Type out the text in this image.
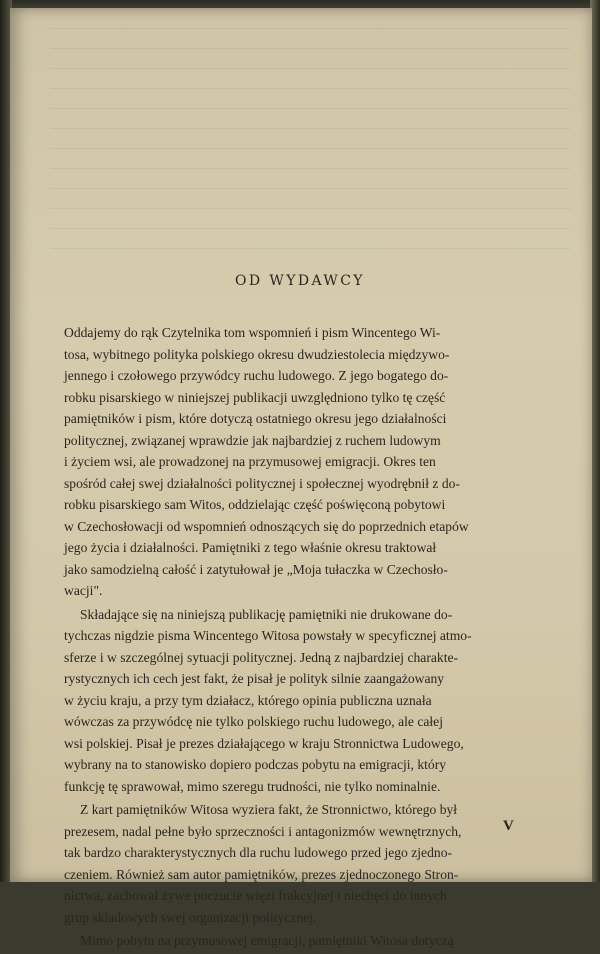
OD WYDAWCY

Oddajemy do rąk Czytelnika tom wspomnień i pism Wincentego Wi-
tosa, wybitnego polityka polskiego okresu dwudziestolecia międzywo-
jennego i czołowego przywódcy ruchu ludowego. Z jego bogatego do-
robku pisarskiego w niniejszej publikacji uwzględniono tylko tę część
pamiętników i pism, które dotyczą ostatniego okresu jego działalności
politycznej, związanej wprawdzie jak najbardziej z ruchem ludowym
i życiem wsi, ale prowadzonej na przymusowej emigracji. Okres ten
spośród całej swej działalności politycznej i społecznej wyodrębnił z do-
robku pisarskiego sam Witos, oddzielając część poświęconą pobytowi
w Czechosłowacji od wspomnień odnoszących się do poprzednich etapów
jego życia i działalności. Pamiętniki z tego właśnie okresu traktował
jako samodzielną całość i zatytułował je „Moja tułaczka w Czechosło-
wacji".

Składające się na niniejszą publikację pamiętniki nie drukowane do-
tychczas nigdzie pisma Wincentego Witosa powstały w specyficznej atmo-
sferze i w szczególnej sytuacji politycznej. Jedną z najbardziej charakte-
rystycznych ich cech jest fakt, że pisał je polityk silnie zaangażowany
w życiu kraju, a przy tym działacz, którego opinia publiczna uznała
wówczas za przywódcę nie tylko polskiego ruchu ludowego, ale całej
wsi polskiej. Pisał je prezes działającego w kraju Stronnictwa Ludowego,
wybrany na to stanowisko dopiero podczas pobytu na emigracji, który
funkcję tę sprawował, mimo szeregu trudności, nie tylko nominalnie.

Z kart pamiętników Witosa wyziera fakt, że Stronnictwo, którego był
prezesem, nadal pełne było sprzeczności i antagonizmów wewnętrznych,
tak bardzo charakterystycznych dla ruchu ludowego przed jego zjedno-
czeniem. Również sam autor pamiętników, prezes zjednoczonego Stron-
nictwa, zachował żywe poczucie więzi frakcyjnej i niechęci do innych
grup składowych swej organizacji politycznej.

Mimo pobytu na przymusowej emigracji, pamiętniki Witosa dotyczą

V
